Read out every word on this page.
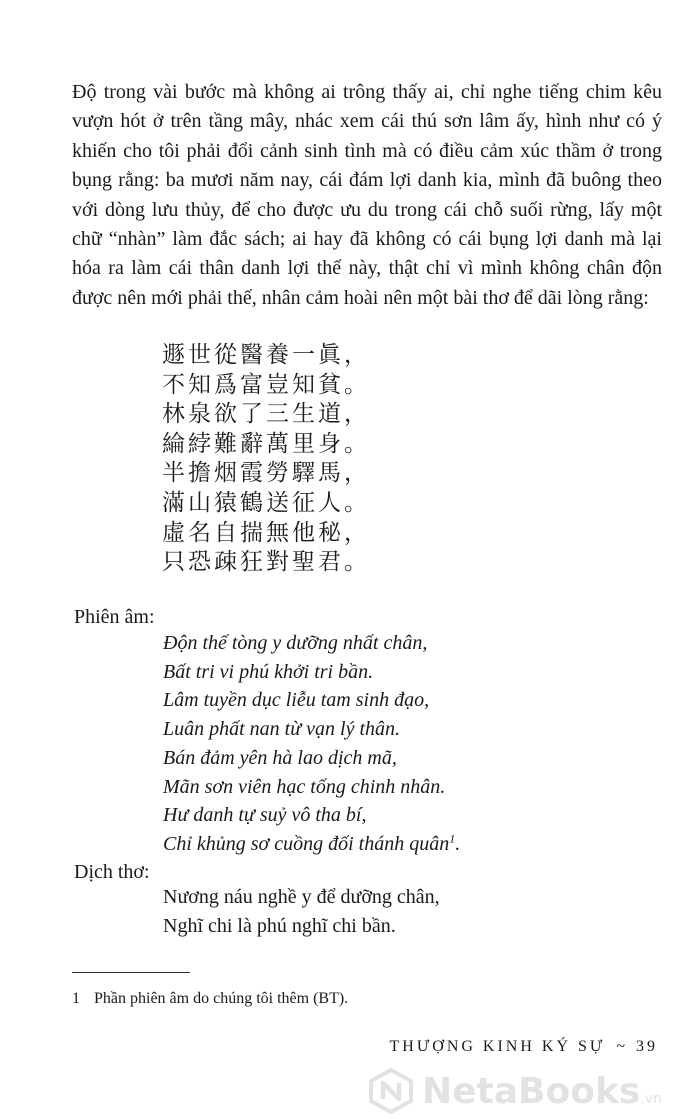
Độ trong vài bước mà không ai trông thấy ai, chỉ nghe tiếng chim kêu vượn hót ở trên tầng mây, nhác xem cái thú sơn lâm ấy, hình như có ý khiến cho tôi phải đổi cảnh sinh tình mà có điều cảm xúc thầm ở trong bụng rằng: ba mươi năm nay, cái đám lợi danh kia, mình đã buông theo với dòng lưu thủy, để cho được ưu du trong cái chỗ suối rừng, lấy một chữ “nhàn” làm đắc sách; ai hay đã không có cái bụng lợi danh mà lại hóa ra làm cái thân danh lợi thế này, thật chỉ vì mình không chân độn được nên mới phải thế, nhân cảm hoài nên một bài thơ để dãi lòng rằng:

遯世從醫養一眞，
不知爲富豈知貧。
林泉欲了三生道，
綸綍難辭萬里身。
半擔烟霞勞驛馬，
滿山猿鶴送征人。
虛名自揣無他秘，
只恐疎狂對聖君。

Phiên âm:

Độn thế tòng y dưỡng nhất chân,
Bất tri vi phú khởi tri bần.
Lâm tuyền dục liễu tam sinh đạo,
Luân phất nan từ vạn lý thân.
Bán đảm yên hà lao dịch mã,
Mãn sơn viên hạc tống chinh nhân.
Hư danh tự suỷ vô tha bí,
Chỉ khủng sơ cuồng đối thánh quân$^1$.

Dịch thơ:

Nương náu nghề y để dưỡng chân,
Nghĩ chi là phú nghĩ chi bần.
1 Phần phiên âm do chúng tôi thêm (BT).
THƯỢNG KINH KÝ SỰ ~ 39
NetaBooks.vn
